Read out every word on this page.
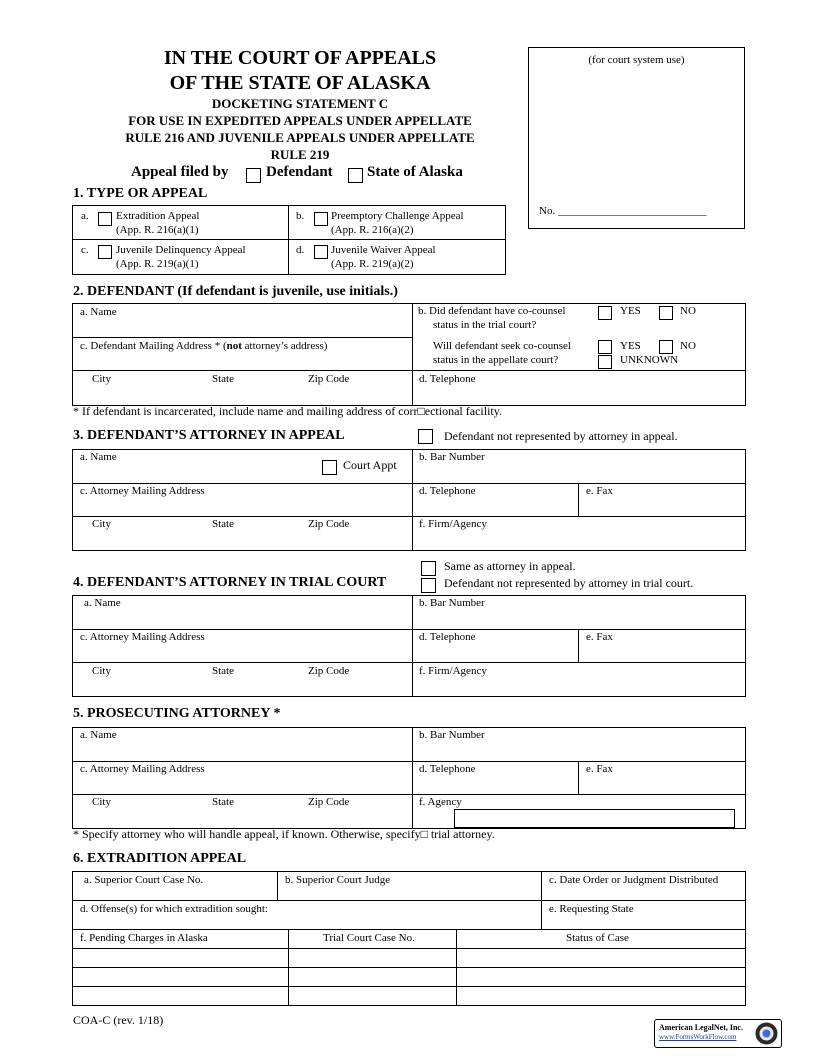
IN THE COURT OF APPEALS
OF THE STATE OF ALASKA
DOCKETING STATEMENT C
FOR USE IN EXPEDITED APPEALS UNDER APPELLATE
RULE 216 AND JUVENILE APPEALS UNDER APPELLATE
RULE 219
Appeal filed by Defendant State of Alaska
(for court system use)
No. ___________________________
1. TYPE OR APPEAL
a. Extradition Appeal
(App. R. 216(a)(1)
b. Preemptory Challenge Appeal
(App. R. 216(a)(2)
c. Juvenile Delinquency Appeal
(App. R. 219(a)(1)
d. Juvenile Waiver Appeal
(App. R. 219(a)(2)
2. DEFENDANT (If defendant is juvenile, use initials.)
a. Name	b. Did defendant have co-counsel
status in the trial court?
YES	NO
c. Defendant Mailing Address * (not attorney’s address)	Will defendant seek co-counsel
status in the appellate court?
YES	NO
UNKNOWN
City	State	Zip Code	d. Telephone
* If defendant is incarcerated, include name and mailing address of corr□ectional facility.
3. DEFENDANT’S ATTORNEY IN APPEAL	Defendant not represented by attorney in appeal.
a. Name
Court Appt
b. Bar Number
c. Attorney Mailing Address	d. Telephone	e. Fax
City	State	Zip Code	f. Firm/Agency
Same as attorney in appeal.
4. DEFENDANT’S ATTORNEY IN TRIAL COURT	Defendant not represented by attorney in trial court.
a. Name	b. Bar Number
c. Attorney Mailing Address	d. Telephone	e. Fax
City	State	Zip Code	f. Firm/Agency
5. PROSECUTING ATTORNEY *
a. Name	b. Bar Number
c. Attorney Mailing Address	d. Telephone	e. Fax
City	State	Zip Code	f. Agency
* Specify attorney who will handle appeal, if known. Otherwise, specify□ trial attorney.
6. EXTRADITION APPEAL
a. Superior Court Case No.	b. Superior Court Judge	c. Date Order or Judgment Distributed
d. Offense(s) for which extradition sought:	e. Requesting State
f. Pending Charges in Alaska	Trial Court Case No.	Status of Case
COA-C (rev. 1/18)
American LegalNet, Inc.
www.FormsWorkFlow.com
